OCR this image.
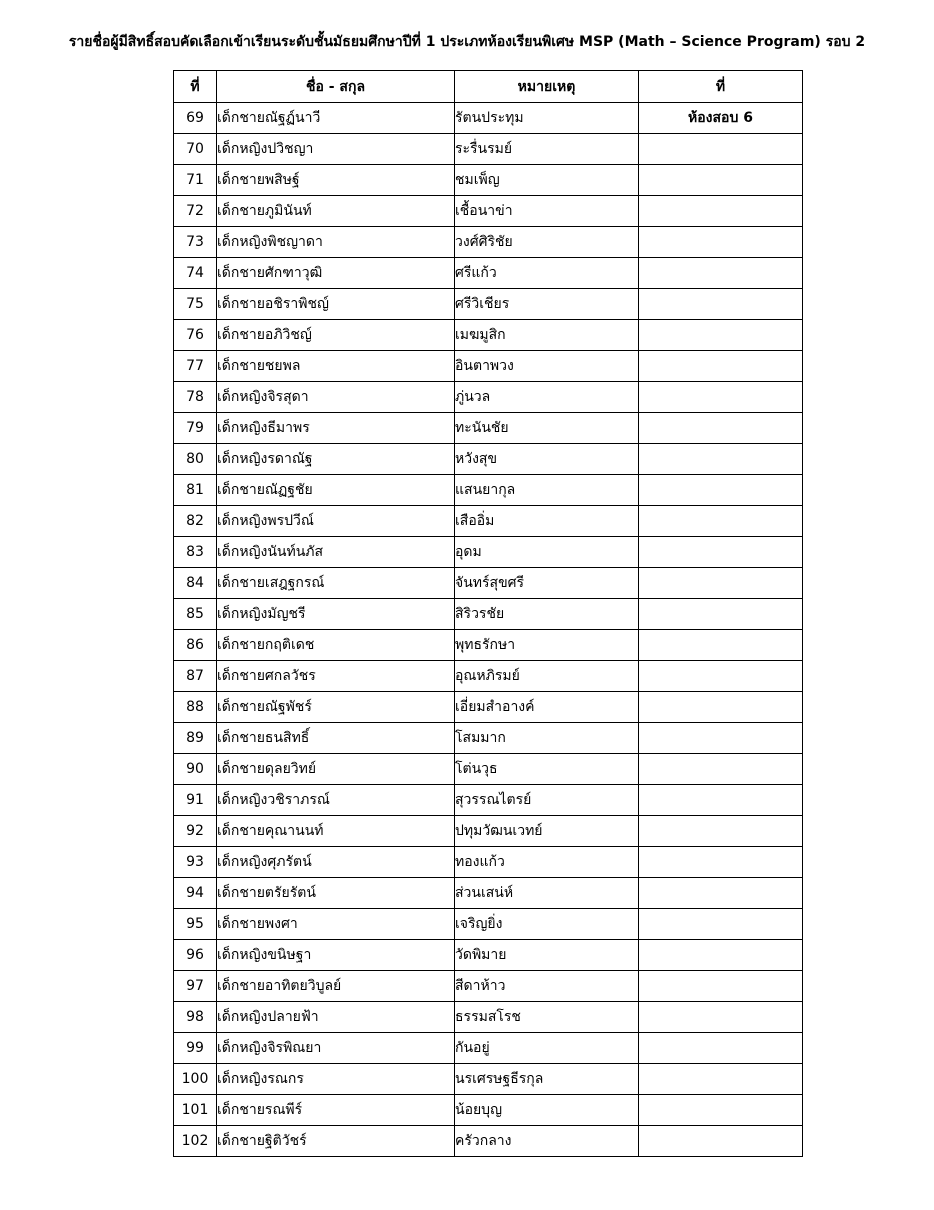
รายชื่อผู้มีสิทธิ์สอบคัดเลือกเข้าเรียนระดับชั้นมัธยมศึกษาปีที่ 1 ประเภทห้องเรียนพิเศษ MSP (Math – Science Program) รอบ 2
ที่	ชื่อ - สกุล	หมายเหตุ	ที่
69	เด็กชายณัฐฏ์นาวี	รัตนประทุม	ห้องสอบ 6
70	เด็กหญิงปวิชญา	ระรื่นรมย์	
71	เด็กชายพสิษฐ์	ชมเพ็ญ	
72	เด็กชายภูมินันท์	เชื้อนาข่า	
73	เด็กหญิงพิชญาดา	วงศ์ศิริชัย	
74	เด็กชายศักฑาวุฒิ	ศรีแก้ว	
75	เด็กชายอชิราพิชญ์	ศรีวิเชียร	
76	เด็กชายอภิวิชญ์	เมฆมูสิก	
77	เด็กชายชยพล	อินตาพวง	
78	เด็กหญิงจิรสุดา	ภู่นวล	
79	เด็กหญิงธีมาพร	ทะนันชัย	
80	เด็กหญิงรดาณัฐ	หวังสุข	
81	เด็กชายณัฏฐชัย	แสนยากุล	
82	เด็กหญิงพรปวีณ์	เสืออิ่ม	
83	เด็กหญิงนันท์นภัส	อุดม	
84	เด็กชายเสฎฐกรณ์	จันทร์สุขศรี	
85	เด็กหญิงมัญชรี	สิริวรชัย	
86	เด็กชายกฤติเดช	พุทธรักษา	
87	เด็กชายศกลวัชร	อุณหภิรมย์	
88	เด็กชายณัฐพัชร์	เอี่ยมสำอางค์	
89	เด็กชายธนสิทธิ์	โสมมาก	
90	เด็กชายดุลยวิทย์	โต่นวุธ	
91	เด็กหญิงวชิราภรณ์	สุวรรณไตรย์	
92	เด็กชายคุณานนท์	ปทุมวัฒนเวทย์	
93	เด็กหญิงศุภรัตน์	ทองแก้ว	
94	เด็กชายตรัยรัตน์	ส่วนเสน่ห์	
95	เด็กชายพงศา	เจริญยิ่ง	
96	เด็กหญิงขนิษฐา	วัดพิมาย	
97	เด็กชายอาทิตยวิบูลย์	สีดาห้าว	
98	เด็กหญิงปลายฟ้า	ธรรมสโรช	
99	เด็กหญิงจิรพิณยา	กันอยู่	
100	เด็กหญิงรณกร	นรเศรษฐธีรกุล	
101	เด็กชายรณพีร์	น้อยบุญ	
102	เด็กชายฐิติวัชร์	ครัวกลาง	
